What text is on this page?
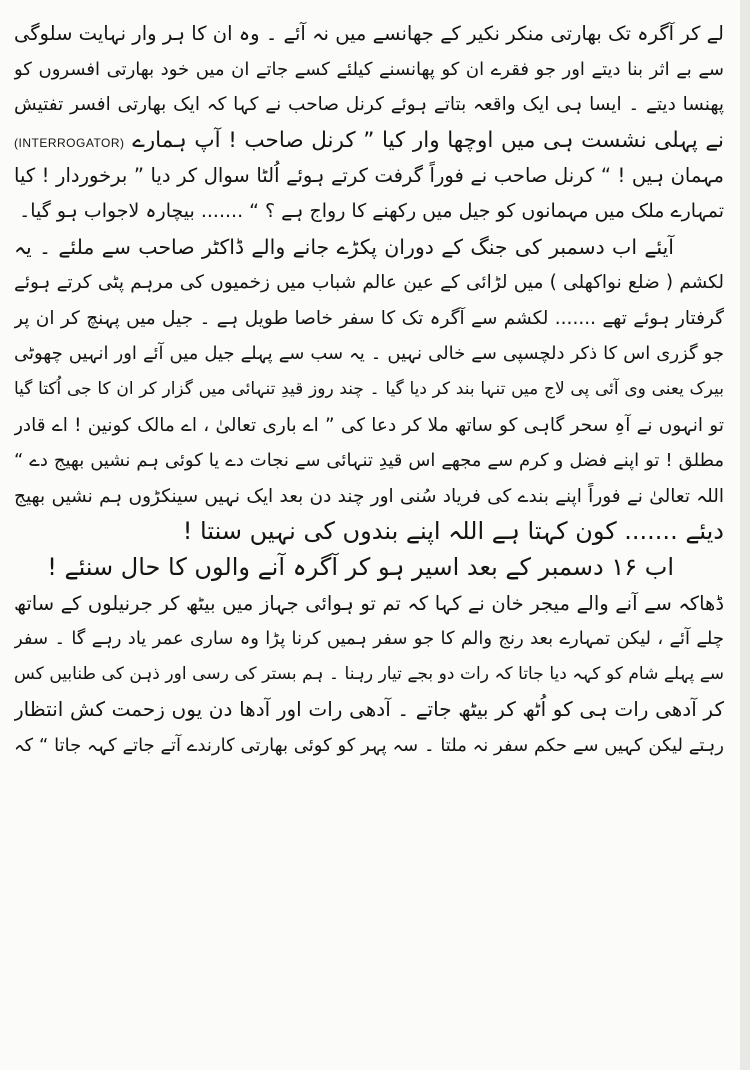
لے کر آگرہ تک بھارتی منکر نکیر کے جھانسے میں نہ آئے ۔ وہ ان کا ہر وار نہایت سلوگی
سے بے اثر بنا دیتے اور جو فقرے ان کو پھانسنے کیلئے کسے جاتے ان میں خود بھارتی افسروں کو
پھنسا دیتے ۔ ایسا ہی ایک واقعہ بتاتے ہوئے کرنل صاحب نے کہا کہ ایک بھارتی افسر تفتیش
نے پہلی نشست ہی میں اوچھا وار کیا ” کرنل صاحب ! آپ ہمارے (INTERROGATOR)
مہمان ہیں ! “ کرنل صاحب نے فوراً گرفت کرتے ہوئے اُلٹا سوال کر دیا ” برخوردار ! کیا
تمہارے ملک میں مہمانوں کو جیل میں رکھنے کا رواج ہے ؟ “ ....... بیچارہ لاجواب ہو گیا۔
آیئے اب دسمبر کی جنگ کے دوران پکڑے جانے والے ڈاکٹر صاحب سے ملئے ۔ یہ
لکشم ( ضلع نواکھلی ) میں لڑائی کے عین عالم شباب میں زخمیوں کی مرہم پٹی کرتے ہوئے
گرفتار ہوئے تھے ....... لکشم سے آگرہ تک کا سفر خاصا طویل ہے ۔ جیل میں پہنچ کر ان پر
جو گزری اس کا ذکر دلچسپی سے خالی نہیں ۔ یہ سب سے پہلے جیل میں آئے اور انہیں چھوٹی
بیرک یعنی وی آئی پی لاج میں تنہا بند کر دیا گیا ۔ چند روز قیدِ تنہائی میں گزار کر ان کا جی اُکتا گیا
تو انہوں نے آہِ سحر گاہی کو ساتھ ملا کر دعا کی ” اے باری تعالیٰ ، اے مالک کونین ! اے قادر
مطلق ! تو اپنے فضل و کرم سے مجھے اس قیدِ تنہائی سے نجات دے یا کوئی ہم نشیں بھیج دے “
اللہ تعالیٰ نے فوراً اپنے بندے کی فریاد سُنی اور چند دن بعد ایک نہیں سینکڑوں ہم نشیں بھیج
دیئے ....... کون کہتا ہے اللہ اپنے بندوں کی نہیں سنتا !
اب ۱۶ دسمبر کے بعد اسیر ہو کر آگرہ آنے والوں کا حال سنئے !
ڈھاکہ سے آنے والے میجر خان نے کہا کہ تم تو ہوائی جہاز میں بیٹھ کر جرنیلوں کے ساتھ
چلے آئے ، لیکن تمہارے بعد رنج والم کا جو سفر ہمیں کرنا پڑا وہ ساری عمر یاد رہے گا ۔ سفر
سے پہلے شام کو کہہ دیا جاتا کہ رات دو بجے تیار رہنا ۔ ہم بستر کی رسی اور ذہن کی طنابیں کس
کر آدھی رات ہی کو اُٹھ کر بیٹھ جاتے ۔ آدھی رات اور آدھا دن یوں زحمت کش انتظار
رہتے لیکن کہیں سے حکم سفر نہ ملتا ۔ سہ پہر کو کوئی بھارتی کارندے آتے جاتے کہہ جاتا “ کہ
